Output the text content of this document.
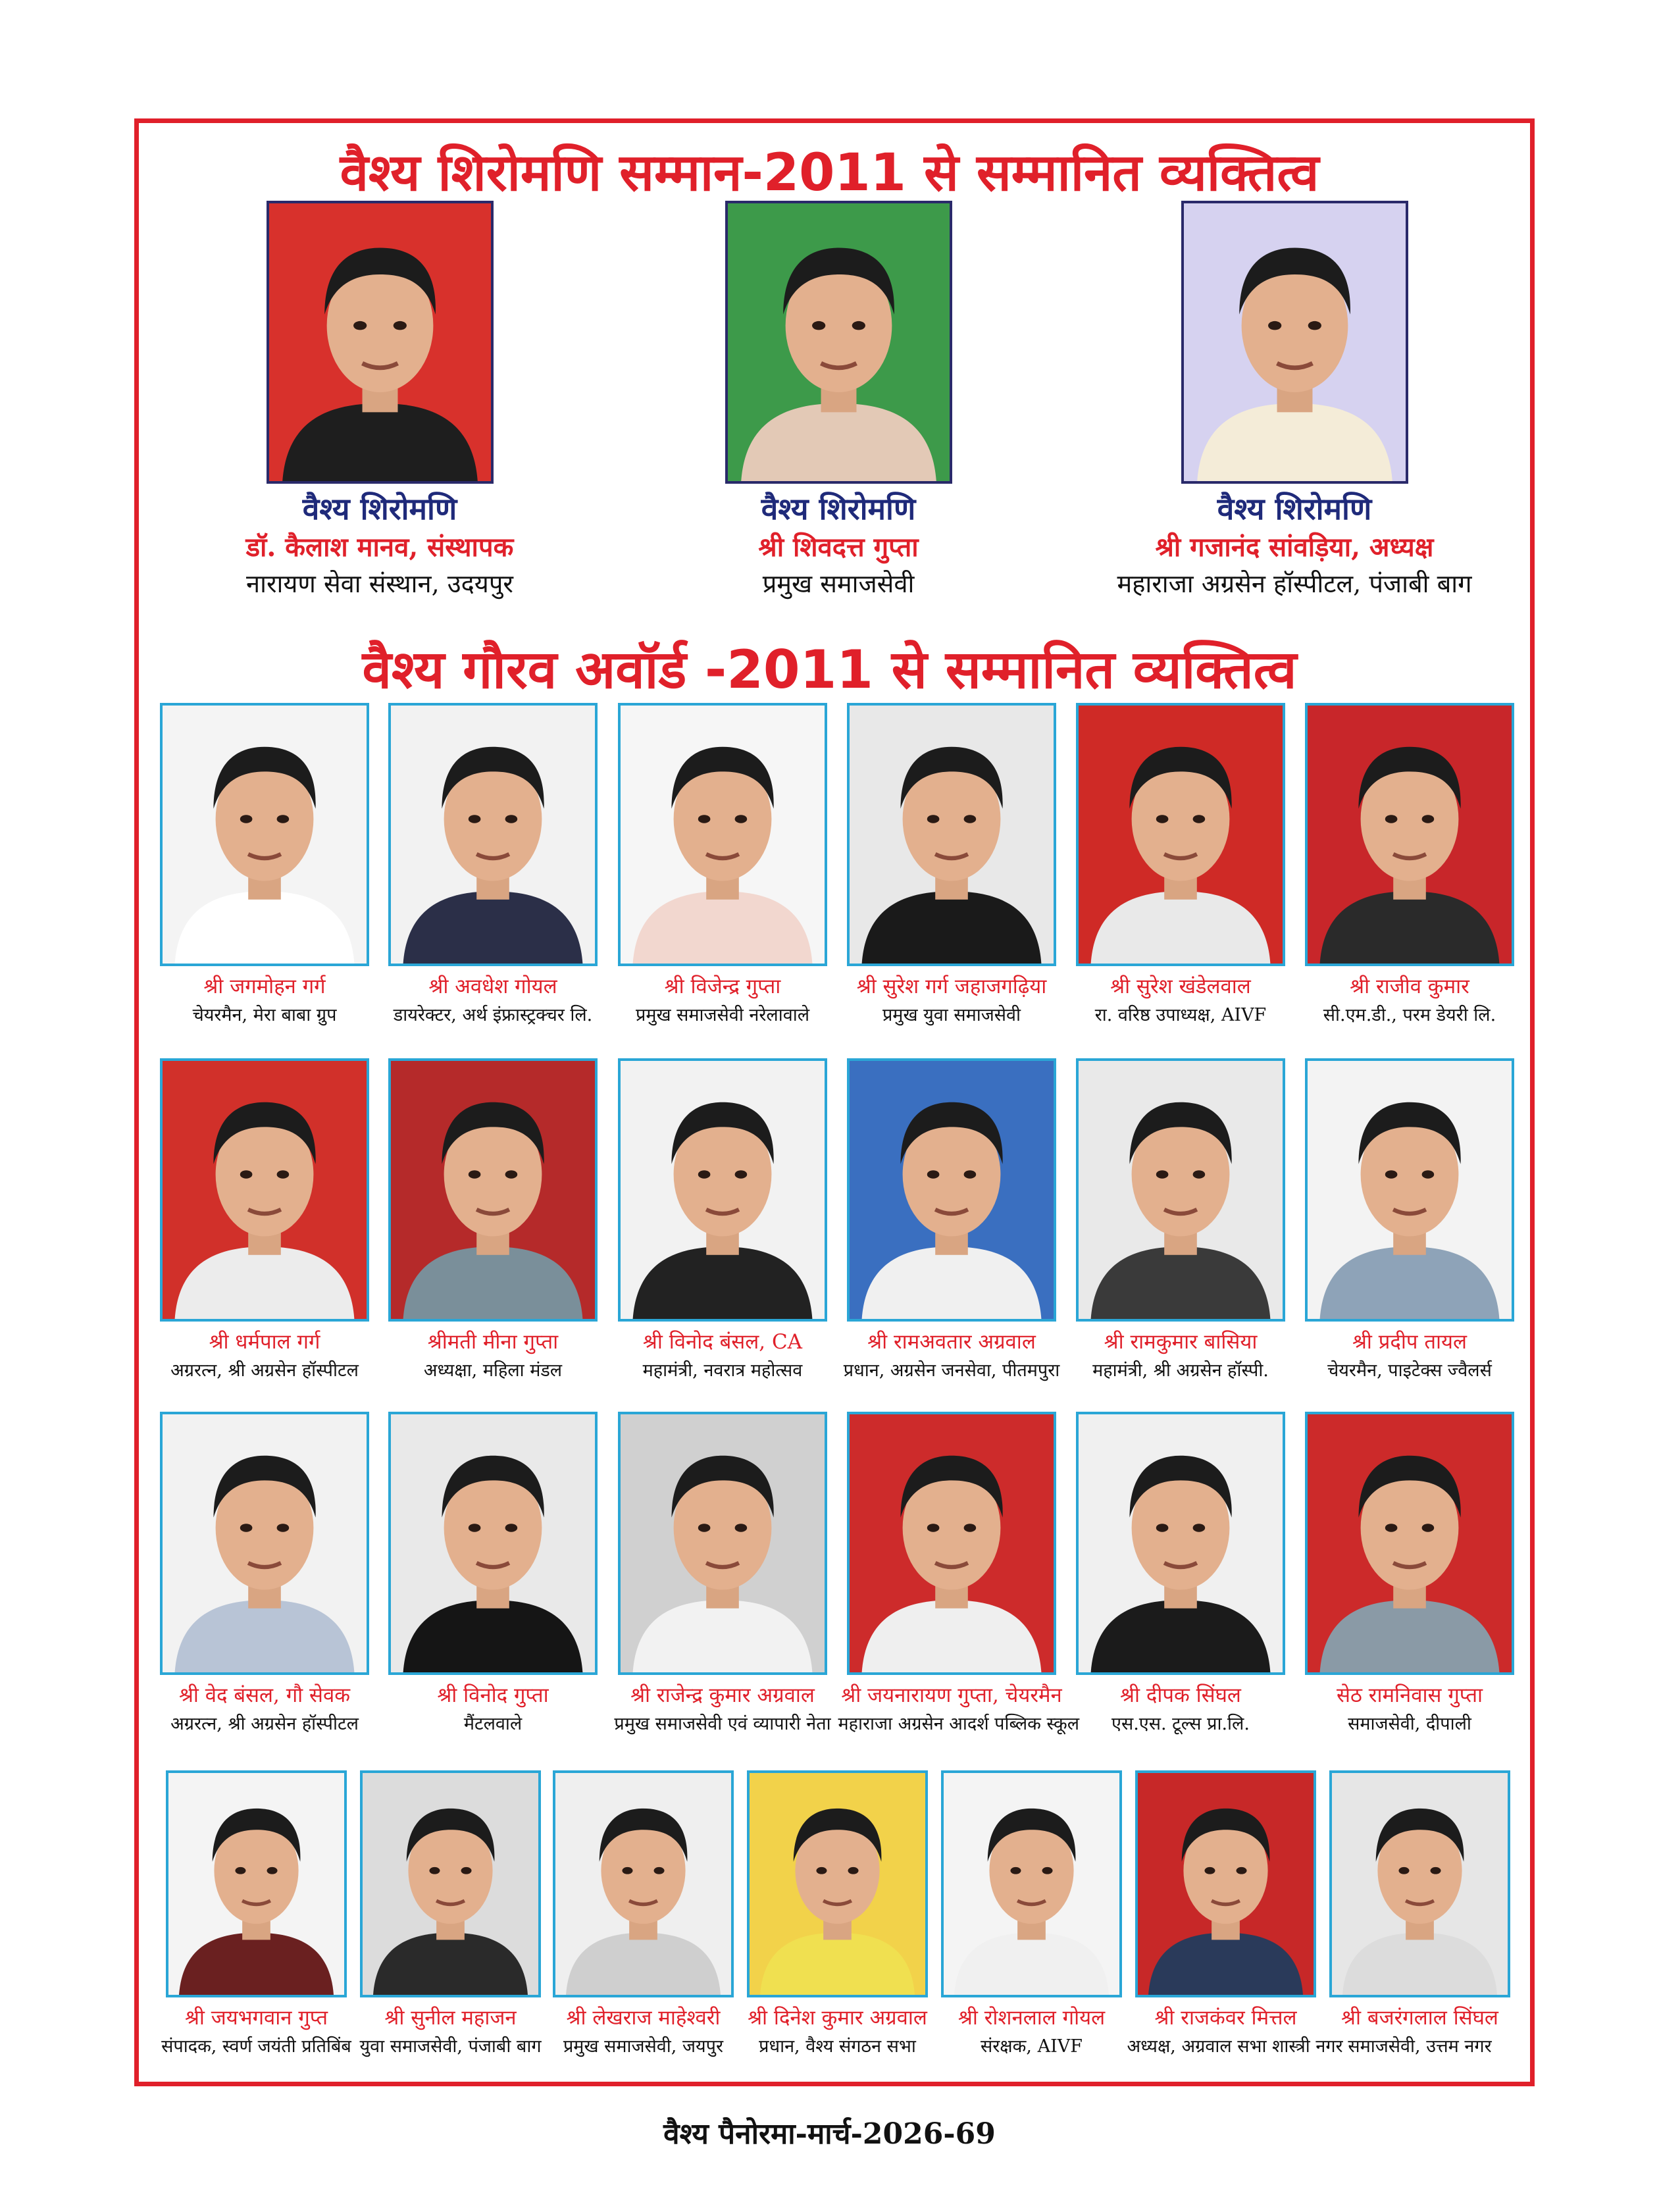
वैश्य शिरोमणि सम्मान-2011 से सम्मानित व्यक्तित्व
वैश्य गौरव अवॉर्ड -2011 से सम्मानित व्यक्तित्व
वैश्य शिरोमणि
डॉ. कैलाश मानव, संस्थापक
नारायण सेवा संस्थान, उदयपुर
वैश्य शिरोमणि
श्री शिवदत्त गुप्ता
प्रमुख समाजसेवी
वैश्य शिरोमणि
श्री गजानंद सांवड़िया, अध्यक्ष
महाराजा अग्रसेन हॉस्पीटल, पंजाबी बाग
श्री जगमोहन गर्ग
चेयरमैन, मेरा बाबा ग्रुप
श्री अवधेश गोयल
डायरेक्टर, अर्थ इंफ्रास्ट्रक्चर लि.
श्री विजेन्द्र गुप्ता
प्रमुख समाजसेवी नरेलावाले
श्री सुरेश गर्ग जहाजगढ़िया
प्रमुख युवा समाजसेवी
श्री सुरेश खंडेलवाल
रा. वरिष्ठ उपाध्यक्ष, AIVF
श्री राजीव कुमार
सी.एम.डी., परम डेयरी लि.
श्री धर्मपाल गर्ग
अग्ररत्न, श्री अग्रसेन हॉस्पीटल
श्रीमती मीना गुप्ता
अध्यक्षा, महिला मंडल
श्री विनोद बंसल, CA
महामंत्री, नवरात्र महोत्सव
श्री रामअवतार अग्रवाल
प्रधान, अग्रसेन जनसेवा, पीतमपुरा
श्री रामकुमार बासिया
महामंत्री, श्री अग्रसेन हॉस्पी.
श्री प्रदीप तायल
चेयरमैन, पाइटेक्स ज्वैलर्स
श्री वेद बंसल, गौ सेवक
अग्ररत्न, श्री अग्रसेन हॉस्पीटल
श्री विनोद गुप्ता
मैंटलवाले
श्री राजेन्द्र कुमार अग्रवाल
प्रमुख समाजसेवी एवं व्यापारी नेता
श्री जयनारायण गुप्ता, चेयरमैन
महाराजा अग्रसेन आदर्श पब्लिक स्कूल
श्री दीपक सिंघल
एस.एस. टूल्स प्रा.लि.
सेठ रामनिवास गुप्ता
समाजसेवी, दीपाली
श्री जयभगवान गुप्त
संपादक, स्वर्ण जयंती प्रतिबिंब
श्री सुनील महाजन
युवा समाजसेवी, पंजाबी बाग
श्री लेखराज माहेश्वरी
प्रमुख समाजसेवी, जयपुर
श्री दिनेश कुमार अग्रवाल
प्रधान, वैश्य संगठन सभा
श्री रोशनलाल गोयल
संरक्षक, AIVF
श्री राजकंवर मित्तल
अध्यक्ष, अग्रवाल सभा शास्त्री नगर
श्री बजरंगलाल सिंघल
समाजसेवी, उत्तम नगर
वैश्य पैनोरमा-मार्च-2026-69
